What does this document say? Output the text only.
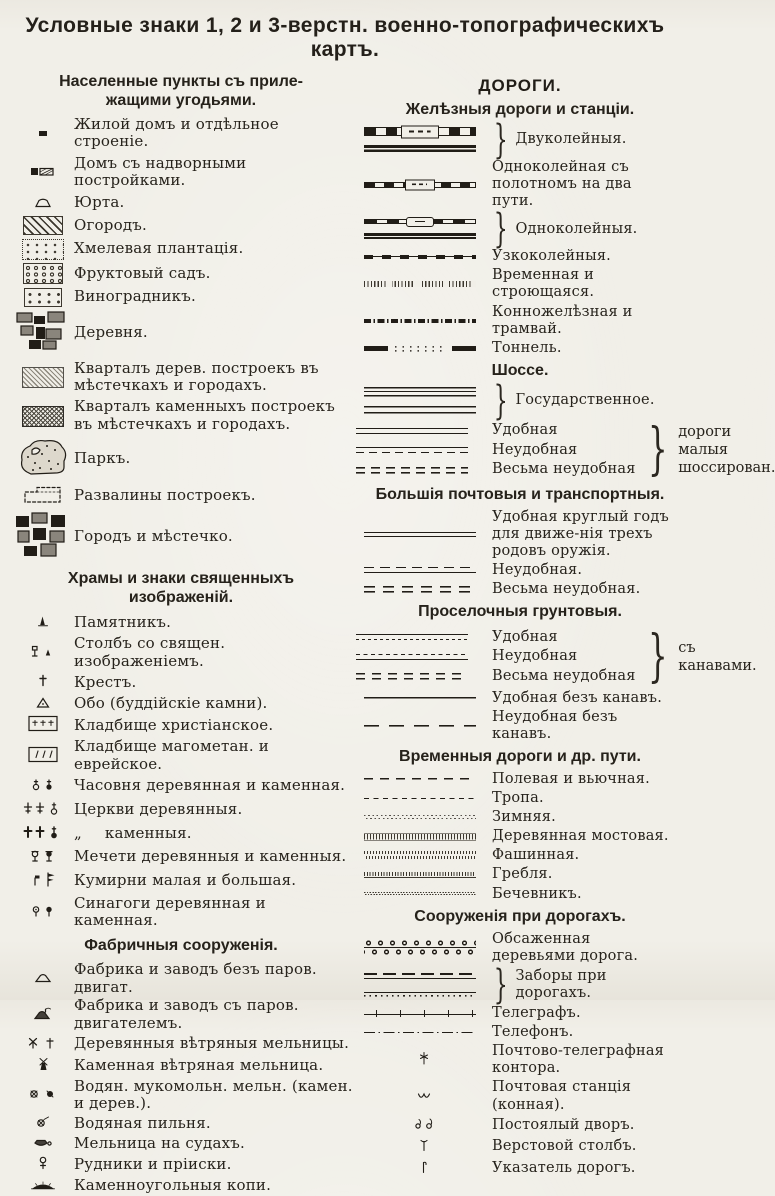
Условные знаки 1, 2 и 3-верстн. военно-топографическихъ картъ.
Населенные пункты съ приле-
жащими угодьями.
Жилой домъ и отдѣльное строеніе.
Домъ съ надворными постройками.
Юрта.
Огородъ.
Хмелевая плантація.
Фруктовый садъ.
Виноградникъ.
Деревня.
Кварталъ дерев. построекъ въ мѣстечкахъ и городахъ.
Кварталъ каменныхъ построекъ въ мѣстечкахъ и городахъ.
Паркъ.
Развалины построекъ.
Городъ и мѣстечко.
Храмы и знаки священныхъ
изображеній.
Памятникъ.
Столбъ со священ. изображеніемъ.
Крестъ.
Обо (буддійскіе камни).
Кладбище христіанское.
Кладбище магометан. и еврейское.
Часовня деревянная и каменная.
Церкви деревянныя.
„  каменныя.
Мечети деревянныя и каменныя.
Кумирни малая и большая.
Синагоги деревянная и каменная.
Фабричныя сооруженія.
Фабрика и заводъ безъ паров. двигат.
Фабрика и заводъ съ паров. двигателемъ.
Деревянныя вѣтряныя мельницы.
Каменная вѣтряная мельница.
Водян. мукомольн. мельн. (камен. и дерев.).
Водяная пильня.
Мельница на судахъ.
Рудники и пріиски.
Каменноугольныя копи.
ДОРОГИ.
Желѣзныя дороги и станціи.
} Двуколейныя.
Одноколейная съ полотномъ на два пути.
} Одноколейныя.
Узкоколейныя.
Временная и строющаяся.
Конножелѣзная и трамвай.
Тоннель.
Шоссе.
} Государственное.
Удобная
Неудобная
Весьма неудобная } дороги малыя
шоссирован.
Большія почтовыя и транспортныя.
Удобная круглый годъ для движе-нія трехъ родовъ оружія.
Неудобная.
Весьма неудобная.
Проселочныя грунтовыя.
Удобная
Неудобная
Весьма неудобная } съ канавами.
Удобная безъ канавъ.
Неудобная безъ канавъ.
Временныя дороги и др. пути.
Полевая и вьючная.
Тропа.
Зимняя.
Деревянная мостовая.
Фашинная.
Гребля.
Бечевникъ.
Сооруженія при дорогахъ.
Обсаженная деревьями дорога.
} Заборы при дорогахъ.
Телеграфъ.
Телефонъ.
Почтово-телеграфная контора.
Почтовая станція (конная).
Постоялый дворъ.
Верстовой столбъ.
Указатель дорогъ.
